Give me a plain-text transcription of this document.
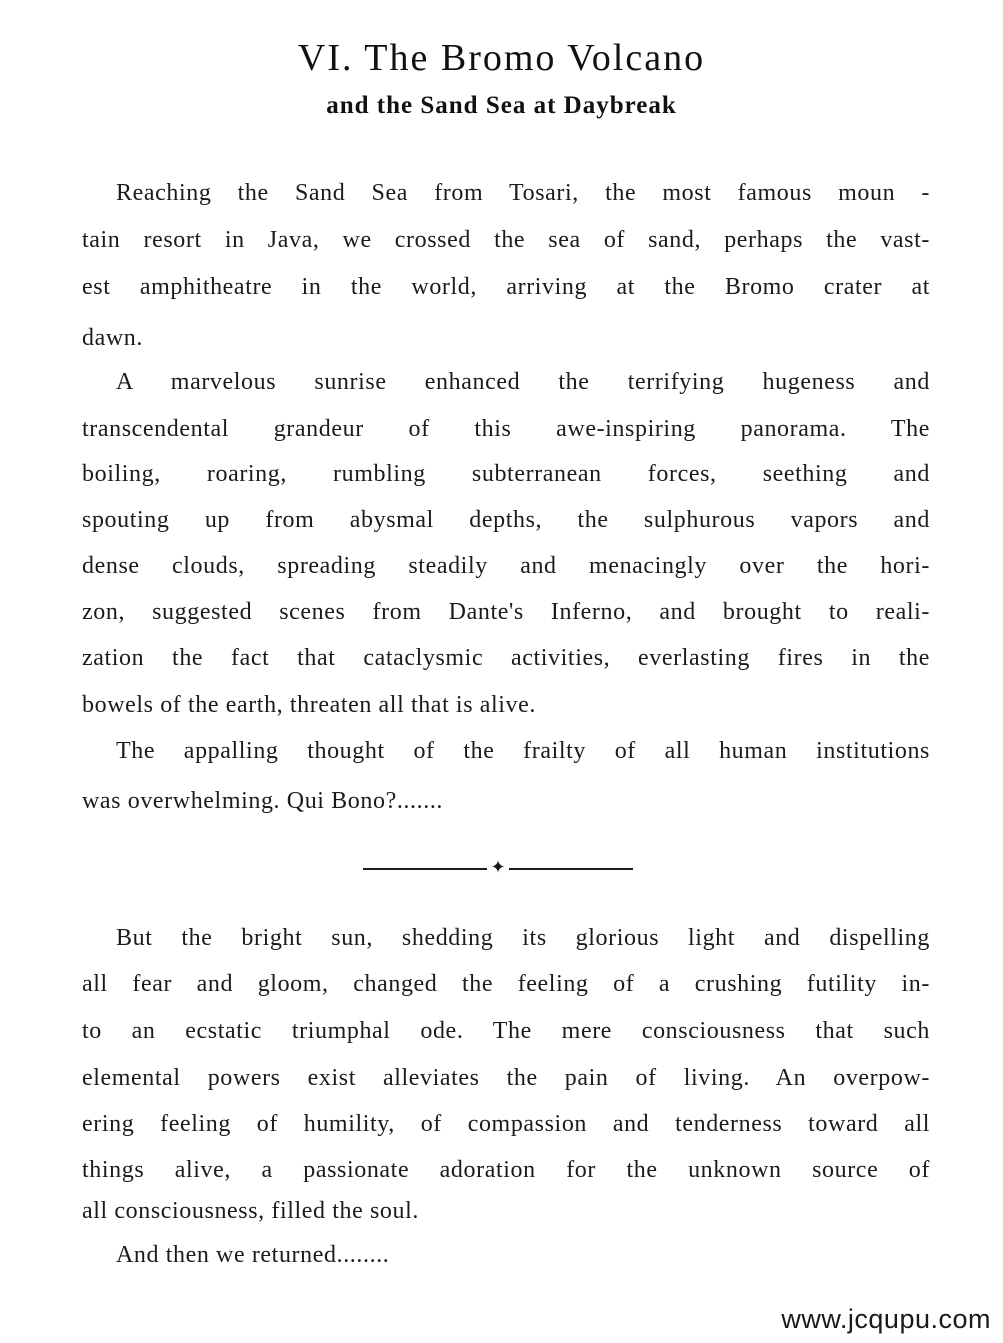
VI. The Bromo Volcano
and the Sand Sea at Daybreak
Reaching the Sand Sea from Tosari, the most famous moun -
tain resort in Java, we crossed the sea of sand, perhaps the vast-
est amphitheatre in the world, arriving at the Bromo crater at
dawn.
A marvelous sunrise enhanced the terrifying hugeness and
transcendental grandeur of this awe-inspiring panorama. The
boiling, roaring, rumbling subterranean forces, seething and
spouting up from abysmal depths, the sulphurous vapors and
dense clouds, spreading steadily and menacingly over the hori-
zon, suggested scenes from Dante's Inferno, and brought to reali-
zation the fact that cataclysmic activities, everlasting fires in the
bowels of the earth, threaten all that is alive.
The appalling thought of the frailty of all human institutions
was overwhelming. Qui Bono?.......
✦
But the bright sun, shedding its glorious light and dispelling
all fear and gloom, changed the feeling of a crushing futility in-
to an ecstatic triumphal ode. The mere consciousness that such
elemental powers exist alleviates the pain of living. An overpow-
ering feeling of humility, of compassion and tenderness toward all
things alive, a passionate adoration for the unknown source of
all consciousness, filled the soul.
And then we returned........
www.jcqupu.com
